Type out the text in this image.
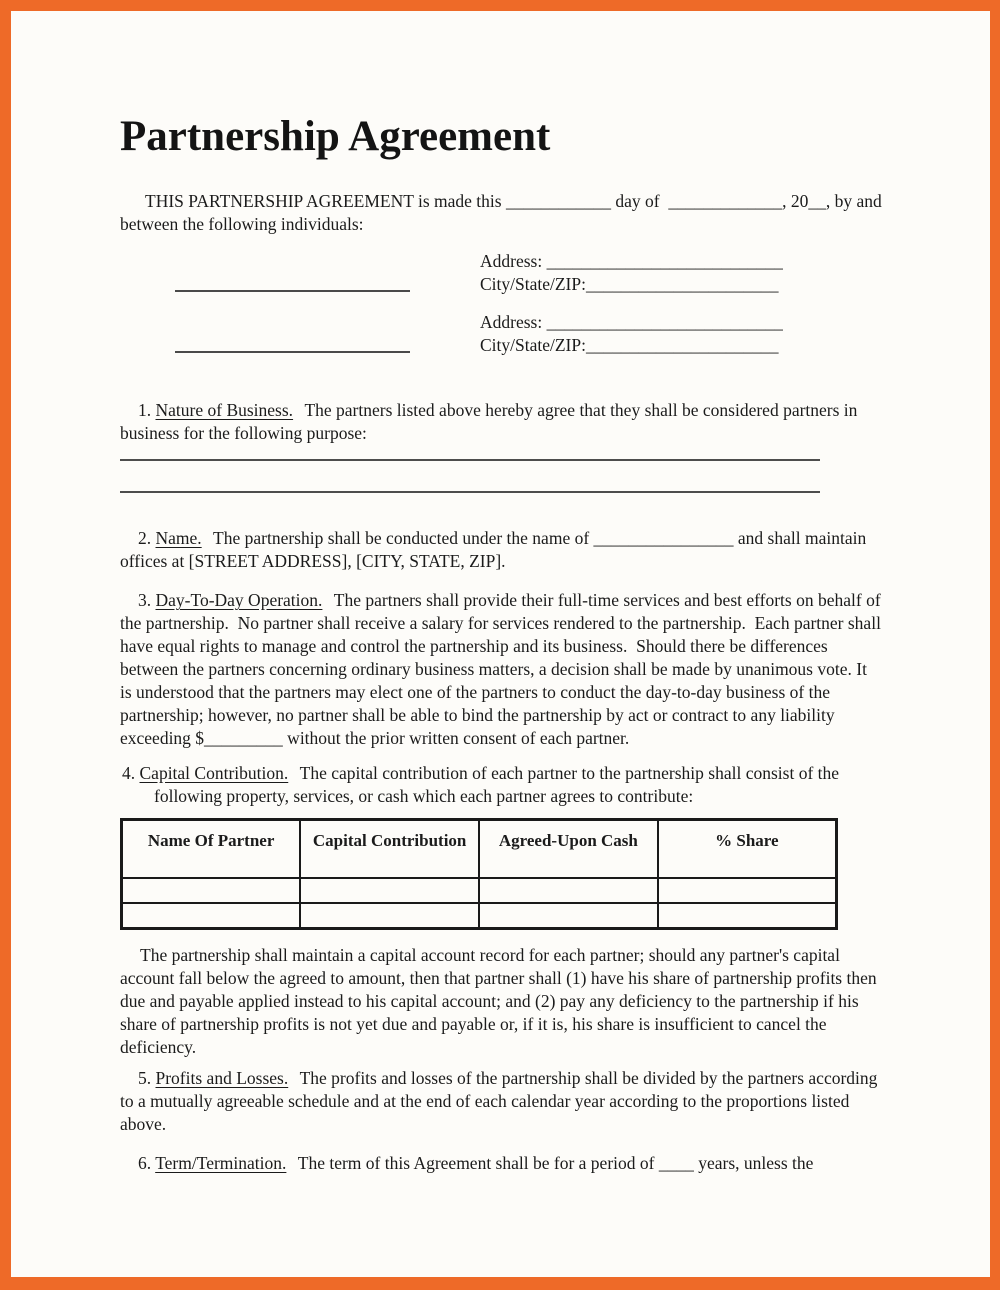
Partnership Agreement

THIS PARTNERSHIP AGREEMENT is made this ____________ day of  _____________, 20__, by and between the following individuals:

Address: ___________________________
City/State/ZIP:______________________
Address: ___________________________
City/State/ZIP:______________________

1. Nature of Business. The partners listed above hereby agree that they shall be considered partners in business for the following purpose:

2. Name. The partnership shall be conducted under the name of ________________ and shall maintain offices at [STREET ADDRESS], [CITY, STATE, ZIP].

3. Day-To-Day Operation. The partners shall provide their full-time services and best efforts on behalf of the partnership.  No partner shall receive a salary for services rendered to the partnership.  Each partner shall have equal rights to manage and control the partnership and its business.  Should there be differences between the partners concerning ordinary business matters, a decision shall be made by unanimous vote. It is understood that the partners may elect one of the partners to conduct the day-to-day business of the partnership; however, no partner shall be able to bind the partnership by act or contract to any liability exceeding $_________ without the prior written consent of each partner.

4. Capital Contribution. The capital contribution of each partner to the partnership shall consist of the following property, services, or cash which each partner agrees to contribute:

Name Of Partner	Capital Contribution	Agreed-Upon Cash	% Share

The partnership shall maintain a capital account record for each partner; should any partner's capital account fall below the agreed to amount, then that partner shall (1) have his share of partnership profits then due and payable applied instead to his capital account; and (2) pay any deficiency to the partnership if his share of partnership profits is not yet due and payable or, if it is, his share is insufficient to cancel the deficiency.

5. Profits and Losses. The profits and losses of the partnership shall be divided by the partners according to a mutually agreeable schedule and at the end of each calendar year according to the proportions listed above.

6. Term/Termination. The term of this Agreement shall be for a period of ____ years, unless the
